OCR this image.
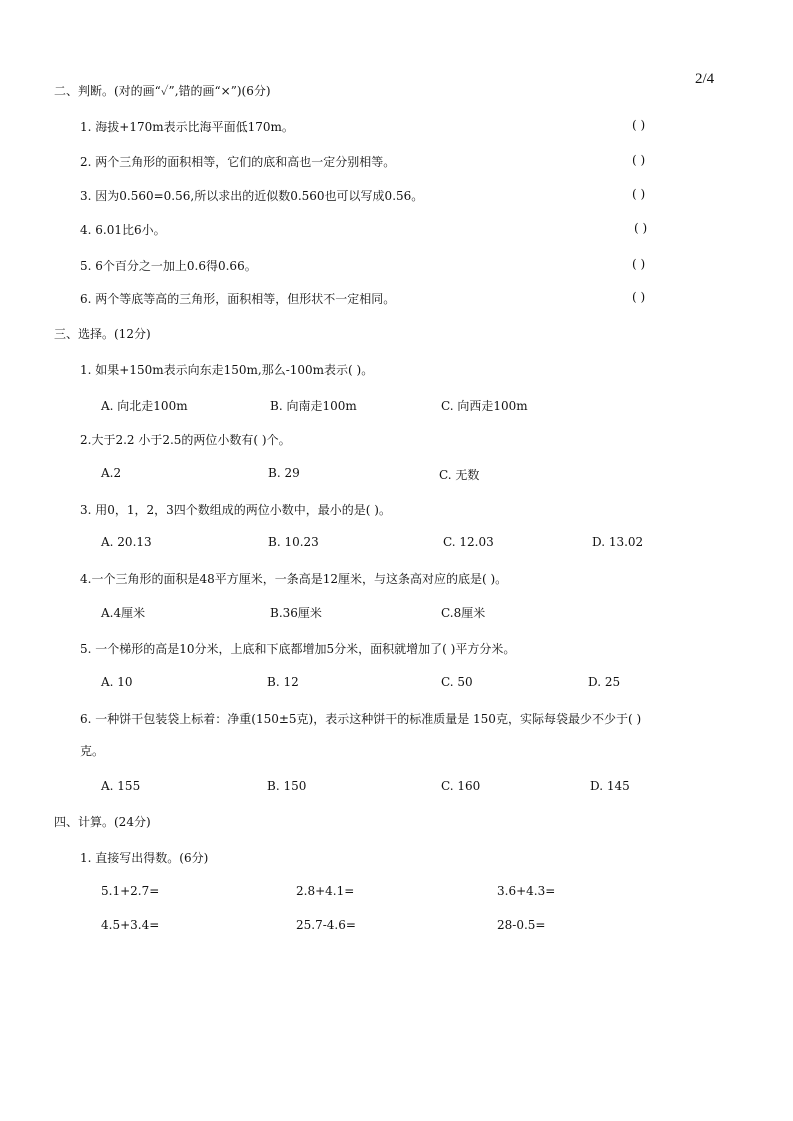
2/4
二、判断。(对的画“✓”,错的画“×”)(6分)
1. 海拔+170m表示比海平面低170m。	( )
2. 两个三角形的面积相等，它们的底和高也一定分别相等。	( )
3. 因为0.560=0.56,所以求出的近似数0.560也可以写成0.56。	( )
4. 6.01比6小。	( )
5. 6个百分之一加上0.6得0.66。	( )
6. 两个等底等高的三角形，面积相等，但形状不一定相同。	( )
三、选择。(12分)
1. 如果+150m表示向东走150m,那么-100m表示( )。
A. 向北走100m	B. 向南走100m	C. 向西走100m
2.大于2.2 小于2.5的两位小数有( )个。
A.2	B. 29	C. 无数
3. 用0，1，2，3四个数组成的两位小数中，最小的是( )。
A. 20.13	B. 10.23	C. 12.03	D. 13.02
4.一个三角形的面积是48平方厘米，一条高是12厘米，与这条高对应的底是( )。
A.4厘米	B.36厘米	C.8厘米
5. 一个梯形的高是10分米，上底和下底都增加5分米，面积就增加了( )平方分米。
A. 10	B. 12	C. 50	D. 25
6. 一种饼干包装袋上标着：净重(150±5克)，表示这种饼干的标准质量是 150克，实际每袋最少不少于( )
克。
A. 155	B. 150	C. 160	D. 145
四、计算。(24分)
1. 直接写出得数。(6分)
5.1+2.7=	2.8+4.1=	3.6+4.3=
4.5+3.4=	25.7-4.6=	28-0.5=
